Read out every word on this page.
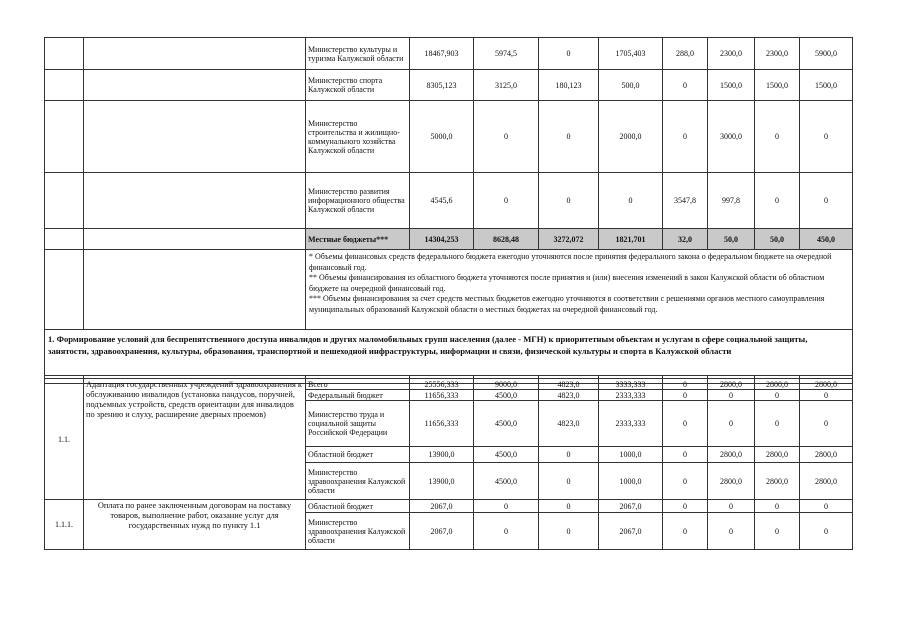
		Министерство культуры и туризма Калужской области	18467,903	5974,5	0	1705,403	288,0	2300,0	2300,0	5900,0
		Министерство спорта Калужской области	8305,123	3125,0	180,123	500,0	0	1500,0	1500,0	1500,0
		Министерство строительства и жилищно-коммунального хозяйства Калужской области	5000,0	0	0	2000,0	0	3000,0	0	0
		Министерство развития информационного общества Калужской области	4545,6	0	0	0	3547,8	997,8	0	0
		Местные бюджеты***	14304,253	8628,48	3272,072	1821,701	32,0	50,0	50,0	450,0

		* Объемы финансовых средств федерального бюджета ежегодно уточняются после принятия федерального закона о федеральном бюджете на очередной финансовый год.
** Объемы финансирования из областного бюджета уточняются после принятия и (или) внесения изменений в закон Калужской области об областном бюджете на очередной финансовый год.
*** Объемы финансирования за счет средств местных бюджетов ежегодно уточняются в соответствии с решениями органов местного самоуправления муниципальных образований Калужской области о местных бюджетах на очередной финансовый год.								

1. Формирование условий для беспрепятственного доступа инвалидов и других маломобильных групп населения (далее - МГН) к приоритетным объектам и услугам в сфере социальной защиты, занятости, здравоохранения, культуры, образования, транспортной и пешеходной инфраструктуры, информации и связи, физической культуры и спорта в Калужской области										

1.1.	Адаптация государственных учреждений здравоохранения к обслуживанию инвалидов (установка пандусов, поручней, подъемных устройств, средств ориентации для инвалидов по зрению и слуху, расширение дверных проемов)	Всего	25556,333	9000,0	4823,0	3333,333	0	2800,0	2800,0	2800,0
		Федеральный бюджет	11656,333	4500,0	4823,0	2333,333	0	0	0	0
		Министерство труда и социальной защиты Российской Федерации	11656,333	4500,0	4823,0	2333,333	0	0	0	0
		Областной бюджет	13900,0	4500,0	0	1000,0	0	2800,0	2800,0	2800,0
		Министерство здравоохранения Калужской области	13900,0	4500,0	0	1000,0	0	2800,0	2800,0	2800,0
1.1.1.	Оплата по ранее заключенным договорам на поставку товаров, выполнение работ, оказание услуг для государственных нужд по пункту 1.1	Областной бюджет	2067,0	0	0	2067,0	0	0	0	0
		Министерство здравоохранения Калужской области	2067,0	0	0	2067,0	0	0	0	0
